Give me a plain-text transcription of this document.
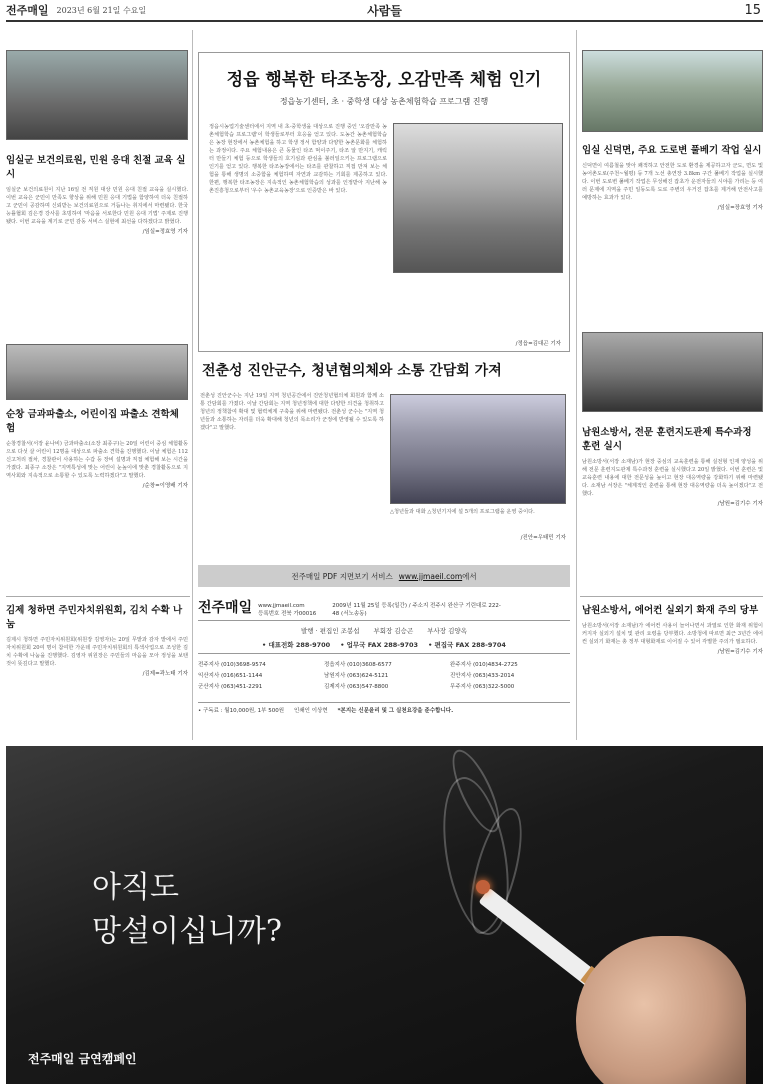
전주매일 2023년 6월 21일 수요일	사람들	15
임실군 보건의료원, 민원 응대 친절 교육 실시
임실군 보건의료원이 지난 16일 전 직원 대상 민원 응대 친절 교육을 실시했다. 이번 교육은 군민이 만족도 향상을 위해 민원 응대 기법을 함양하여 더욱 친절하고 군민이 공감하며 신뢰받는 보건의료원으로 거듭나는 취지에서 마련됐다. 한국능률협회 김은경 강사를 초빙하여 '마음을 서로한다 민원 응대 기법' 주제로 진행됐다. 이번 교육을 계기로 군민 감동 서비스 실현에 최선을 다하겠다고 밝혔다.
/임실=정효영 기자
순창 금과파출소, 어린이집 파출소 견학체험
순창경찰서(서장 윤나비) 금과파출소(소장 최종구)는 20일 어린이 중심 체험활동으로 다섯 살 어린이 12명을 대상으로 파출소 견학을 진행했다. 이날 체험은 112신고처리 절차, 경찰관이 사용하는 수갑 등 장비 설명과 직접 체험해 보는 시간을 가졌다. 최종구 소장은 "지역특성에 맞는 어린이 눈높이에 맞춘 경찰활동으로 지역사회와 지속적으로 소통할 수 있도록 노력하겠다"고 말했다.
/순창=이영배 기자
김제 청하면 주민자치위원회, 김치 수확 나눔
김제시 청하면 주민자치위원회(위원장 김영자)는 20일 무밭과 감자 밭에서 주민자치위원회 20여 명이 참여한 가운데 주민자치위원회의 특색사업으로 조성한 김치 수확에 나눔을 진행했다. 김영자 위원장은 주민들의 마음을 모아 정성을 보탠 것이 뜻깊다고 말했다.
/김제=곽노태 기자
정읍 행복한 타조농장, 오감만족 체험 인기
정읍농기센터, 초 · 중학생 대상 농촌체험학습 프로그램 진행
정읍시농업기술센터에서 지역 내 초·중학생을 대상으로 진행 중인 '오감만족 농촌체험학습 프로그램'이 학생들로부터 호응을 얻고 있다. 도농간 농촌체험학습은 농장 현장에서 농촌체험을 하고 학생 정서 함양과 다양한 농촌문화를 체험하는 과정이다. 주요 체험내용은 큰 동물인 타조 먹이주기, 타조 알 만지기, 캐릭터 만들기 체험 등으로 학생들의 호기심과 관심을 불러일으키는 프로그램으로 인기를 얻고 있다. 행복한 타조농장에서는 타조를 관찰하고 직접 만져 보는 체험을 통해 생명의 소중함을 체험하며 자연과 교감하는 기회를 제공하고 있다. 한편, 행복한 타조농장은 지속적인 농촌체험학습의 성과를 인정받아 지난해 농촌진흥청으로부터 '우수 농촌교육농장'으로 인증받은 바 있다.
/정읍=김대곤 기자
전춘성 진안군수, 청년협의체와 소통 간담회 가져
전춘성 진안군수는 지난 19일 지역 청년공간에서 진안청년협의체 회원과 함께 소통 간담회를 가졌다. 이날 간담회는 지역 청년정책에 대한 다양한 의견을 청취하고 청년의 정책참여 확대 및 협력체계 구축을 위해 마련됐다. 전춘성 군수는 "지역 청년들과 소통하는 자리를 더욱 확대해 청년의 목소리가 군정에 반영될 수 있도록 하겠다"고 말했다.
△청년들과 대화 △청년기지에 설 5개의 프로그램을 운영 중이다.
/진안=우태민 기자
전주매일 PDF 지면보기 서비스 www.jjmaeil.com 에서
전주매일 www.jjmaeil.com
등록번호 전북 가00016
2009년 11월 25일 등록(일간) / 주소지 전주시 완산구 기린대로 222-48 (서노송동)
발행 · 편집인 조봉섭 부회장 김승곤 부사장 김양옥
• 대표전화 288-9700 • 업무국 FAX 288-9703 • 편집국 FAX 288-9704
전주지사 (010)3698-9574	정읍지사 (010)3608-6577	완주지사 (010)4834-2725
익산지사 (016)651-1144	남원지사 (063)624-5121	진안지사 (063)433-2014
군산지사 (063)451-2291	김제지사 (063)547-8800	무주지사 (063)322-5000
• 구독료 : 월10,000원, 1부 500원 인쇄인 이상현 *본지는 신문윤리 및 그 실천요강을 준수합니다.
임실 신덕면, 주요 도로변 풀베기 작업 실시
신덕면이 여름철을 맞아 쾌적하고 안전한 도로 환경을 제공하고자 군도, 면도 및 농어촌도로(주천~월평) 등 7개 노선 총연장 3.8km 구간 풀베기 작업을 실시했다. 이번 도로변 풀베기 작업은 무성해진 잡초가 운전자들의 시야를 가리는 등 여러 문제에 지역을 주민 일동도록 도로 주변의 우거진 잡초를 제거해 안전사고를 예방하는 효과가 있다.
/임실=장효영 기자
남원소방서, 전문 훈련지도관제 특수과정 훈련 실시
남원소방서(서장 소재남)가 현장 중심의 교육훈련을 통해 실전형 인재 양성을 위해 전문 훈련지도관제 특수과정 훈련을 실시했다고 20일 밝혔다. 이번 훈련은 및 교육훈련 내용에 대한 전문성을 높이고 현장 대응역량을 강화하기 위해 마련됐다. 소재남 서장은 "체계적인 훈련을 통해 현장 대응역량을 더욱 높이겠다"고 전했다.
/남원=김기수 기자
남원소방서, 에어컨 실외기 화재 주의 당부
남원소방서(서장 소재남)가 에어컨 사용이 늘어나면서 과열로 인한 화재 위험이 커지자 실외기 설치 및 관리 요령을 당부했다. 소방청에 따르면 최근 3년간 에어컨 실외기 화재는 총 정부 대형화재로 이어질 수 있어 각별한 주의가 필요하다.
/남원=김기수 기자
아직도
망설이십니까?
전주매일 금연캠페인
